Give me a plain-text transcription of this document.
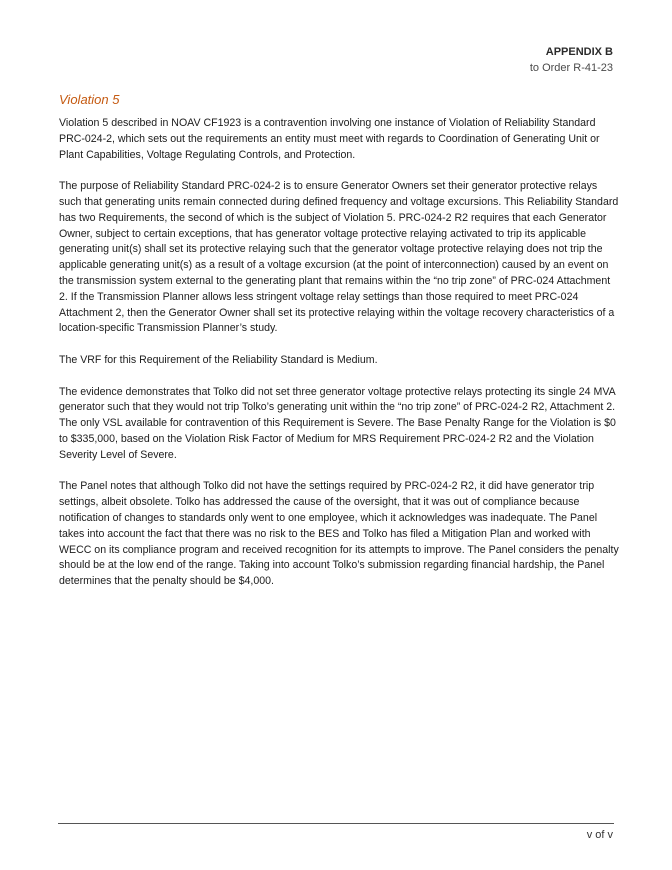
APPENDIX B
to Order R-41-23
Violation 5

Violation 5 described in NOAV CF1923 is a contravention involving one instance of Violation of Reliability Standard PRC-024-2, which sets out the requirements an entity must meet with regards to Coordination of Generating Unit or Plant Capabilities, Voltage Regulating Controls, and Protection.

The purpose of Reliability Standard PRC-024-2 is to ensure Generator Owners set their generator protective relays such that generating units remain connected during defined frequency and voltage excursions. This Reliability Standard has two Requirements, the second of which is the subject of Violation 5. PRC-024-2 R2 requires that each Generator Owner, subject to certain exceptions, that has generator voltage protective relaying activated to trip its applicable generating unit(s) shall set its protective relaying such that the generator voltage protective relaying does not trip the applicable generating unit(s) as a result of a voltage excursion (at the point of interconnection) caused by an event on the transmission system external to the generating plant that remains within the “no trip zone” of PRC-024 Attachment 2. If the Transmission Planner allows less stringent voltage relay settings than those required to meet PRC-024 Attachment 2, then the Generator Owner shall set its protective relaying within the voltage recovery characteristics of a location-specific Transmission Planner’s study.

The VRF for this Requirement of the Reliability Standard is Medium.

The evidence demonstrates that Tolko did not set three generator voltage protective relays protecting its single 24 MVA generator such that they would not trip Tolko’s generating unit within the “no trip zone” of PRC-024-2 R2, Attachment 2. The only VSL available for contravention of this Requirement is Severe. The Base Penalty Range for the Violation is $0 to $335,000, based on the Violation Risk Factor of Medium for MRS Requirement PRC-024-2 R2 and the Violation Severity Level of Severe.

The Panel notes that although Tolko did not have the settings required by PRC-024-2 R2, it did have generator trip settings, albeit obsolete. Tolko has addressed the cause of the oversight, that it was out of compliance because notification of changes to standards only went to one employee, which it acknowledges was inadequate. The Panel takes into account the fact that there was no risk to the BES and Tolko has filed a Mitigation Plan and worked with WECC on its compliance program and received recognition for its attempts to improve. The Panel considers the penalty should be at the low end of the range. Taking into account Tolko’s submission regarding financial hardship, the Panel determines that the penalty should be $4,000.

v of v
